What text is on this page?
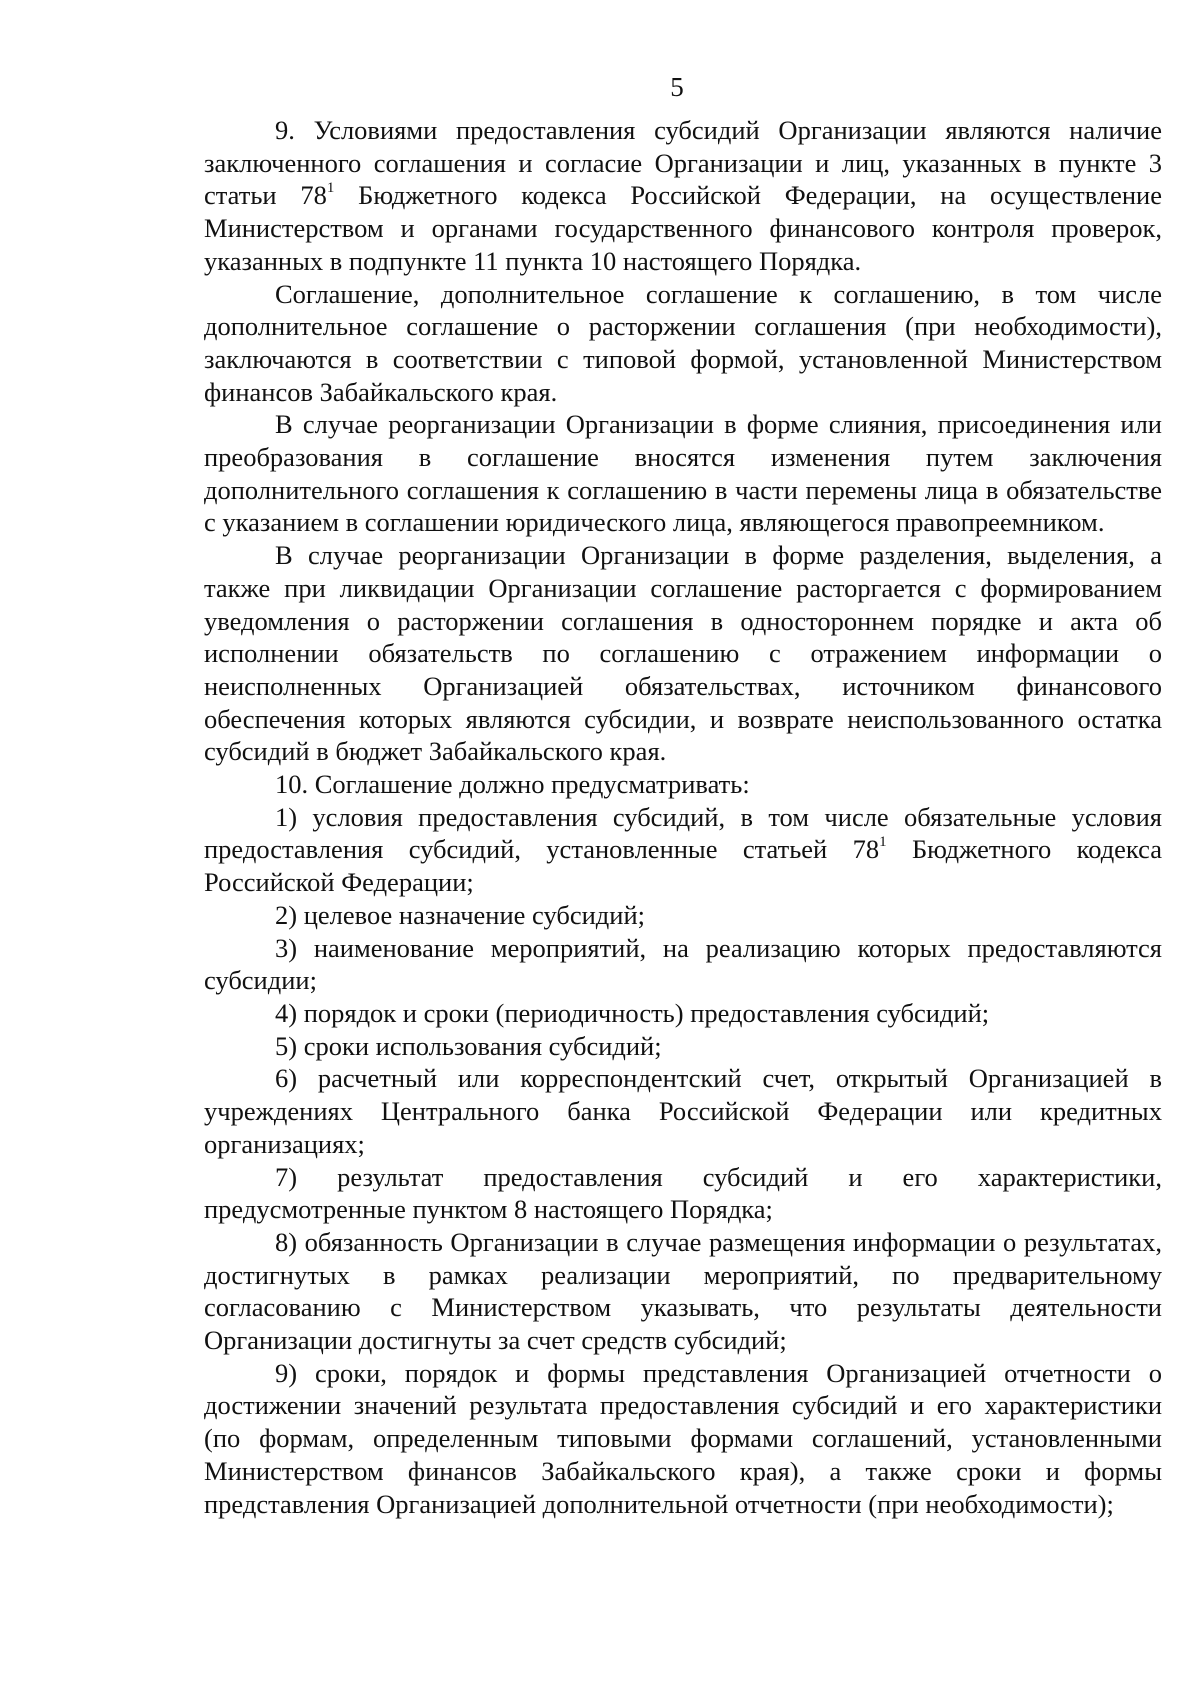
5

9. Условиями предоставления субсидий Организации являются наличие заключенного соглашения и согласие Организации и лиц, указанных в пункте 3 статьи $78^1$ Бюджетного кодекса Российской Федерации, на осуществление Министерством и органами государственного финансового контроля проверок, указанных в подпункте 11 пункта 10 настоящего Порядка.

Соглашение, дополнительное соглашение к соглашению, в том числе дополнительное соглашение о расторжении соглашения (при необходимости), заключаются в соответствии с типовой формой, установленной Министерством финансов Забайкальского края.

В случае реорганизации Организации в форме слияния, присоединения или преобразования в соглашение вносятся изменения путем заключения дополнительного соглашения к соглашению в части перемены лица в обязательстве с указанием в соглашении юридического лица, являющегося правопреемником.

В случае реорганизации Организации в форме разделения, выделения, а также при ликвидации Организации соглашение расторгается с формированием уведомления о расторжении соглашения в одностороннем порядке и акта об исполнении обязательств по соглашению с отражением информации о неисполненных Организацией обязательствах, источником финансового обеспечения которых являются субсидии, и возврате неиспользованного остатка субсидий в бюджет Забайкальского края.

10. Соглашение должно предусматривать:

1) условия предоставления субсидий, в том числе обязательные условия предоставления субсидий, установленные статьей $78^1$ Бюджетного кодекса Российской Федерации;

2) целевое назначение субсидий;

3) наименование мероприятий, на реализацию которых предоставляются субсидии;

4) порядок и сроки (периодичность) предоставления субсидий;

5) сроки использования субсидий;

6) расчетный или корреспондентский счет, открытый Организацией в учреждениях Центрального банка Российской Федерации или кредитных организациях;

7) результат предоставления субсидий и его характеристики, предусмотренные пунктом 8 настоящего Порядка;

8) обязанность Организации в случае размещения информации о результатах, достигнутых в рамках реализации мероприятий, по предварительному согласованию с Министерством указывать, что результаты деятельности Организации достигнуты за счет средств субсидий;

9) сроки, порядок и формы представления Организацией отчетности о достижении значений результата предоставления субсидий и его характеристики (по формам, определенным типовыми формами соглашений, установленными Министерством финансов Забайкальского края), а также сроки и формы представления Организацией дополнительной отчетности (при необходимости);
